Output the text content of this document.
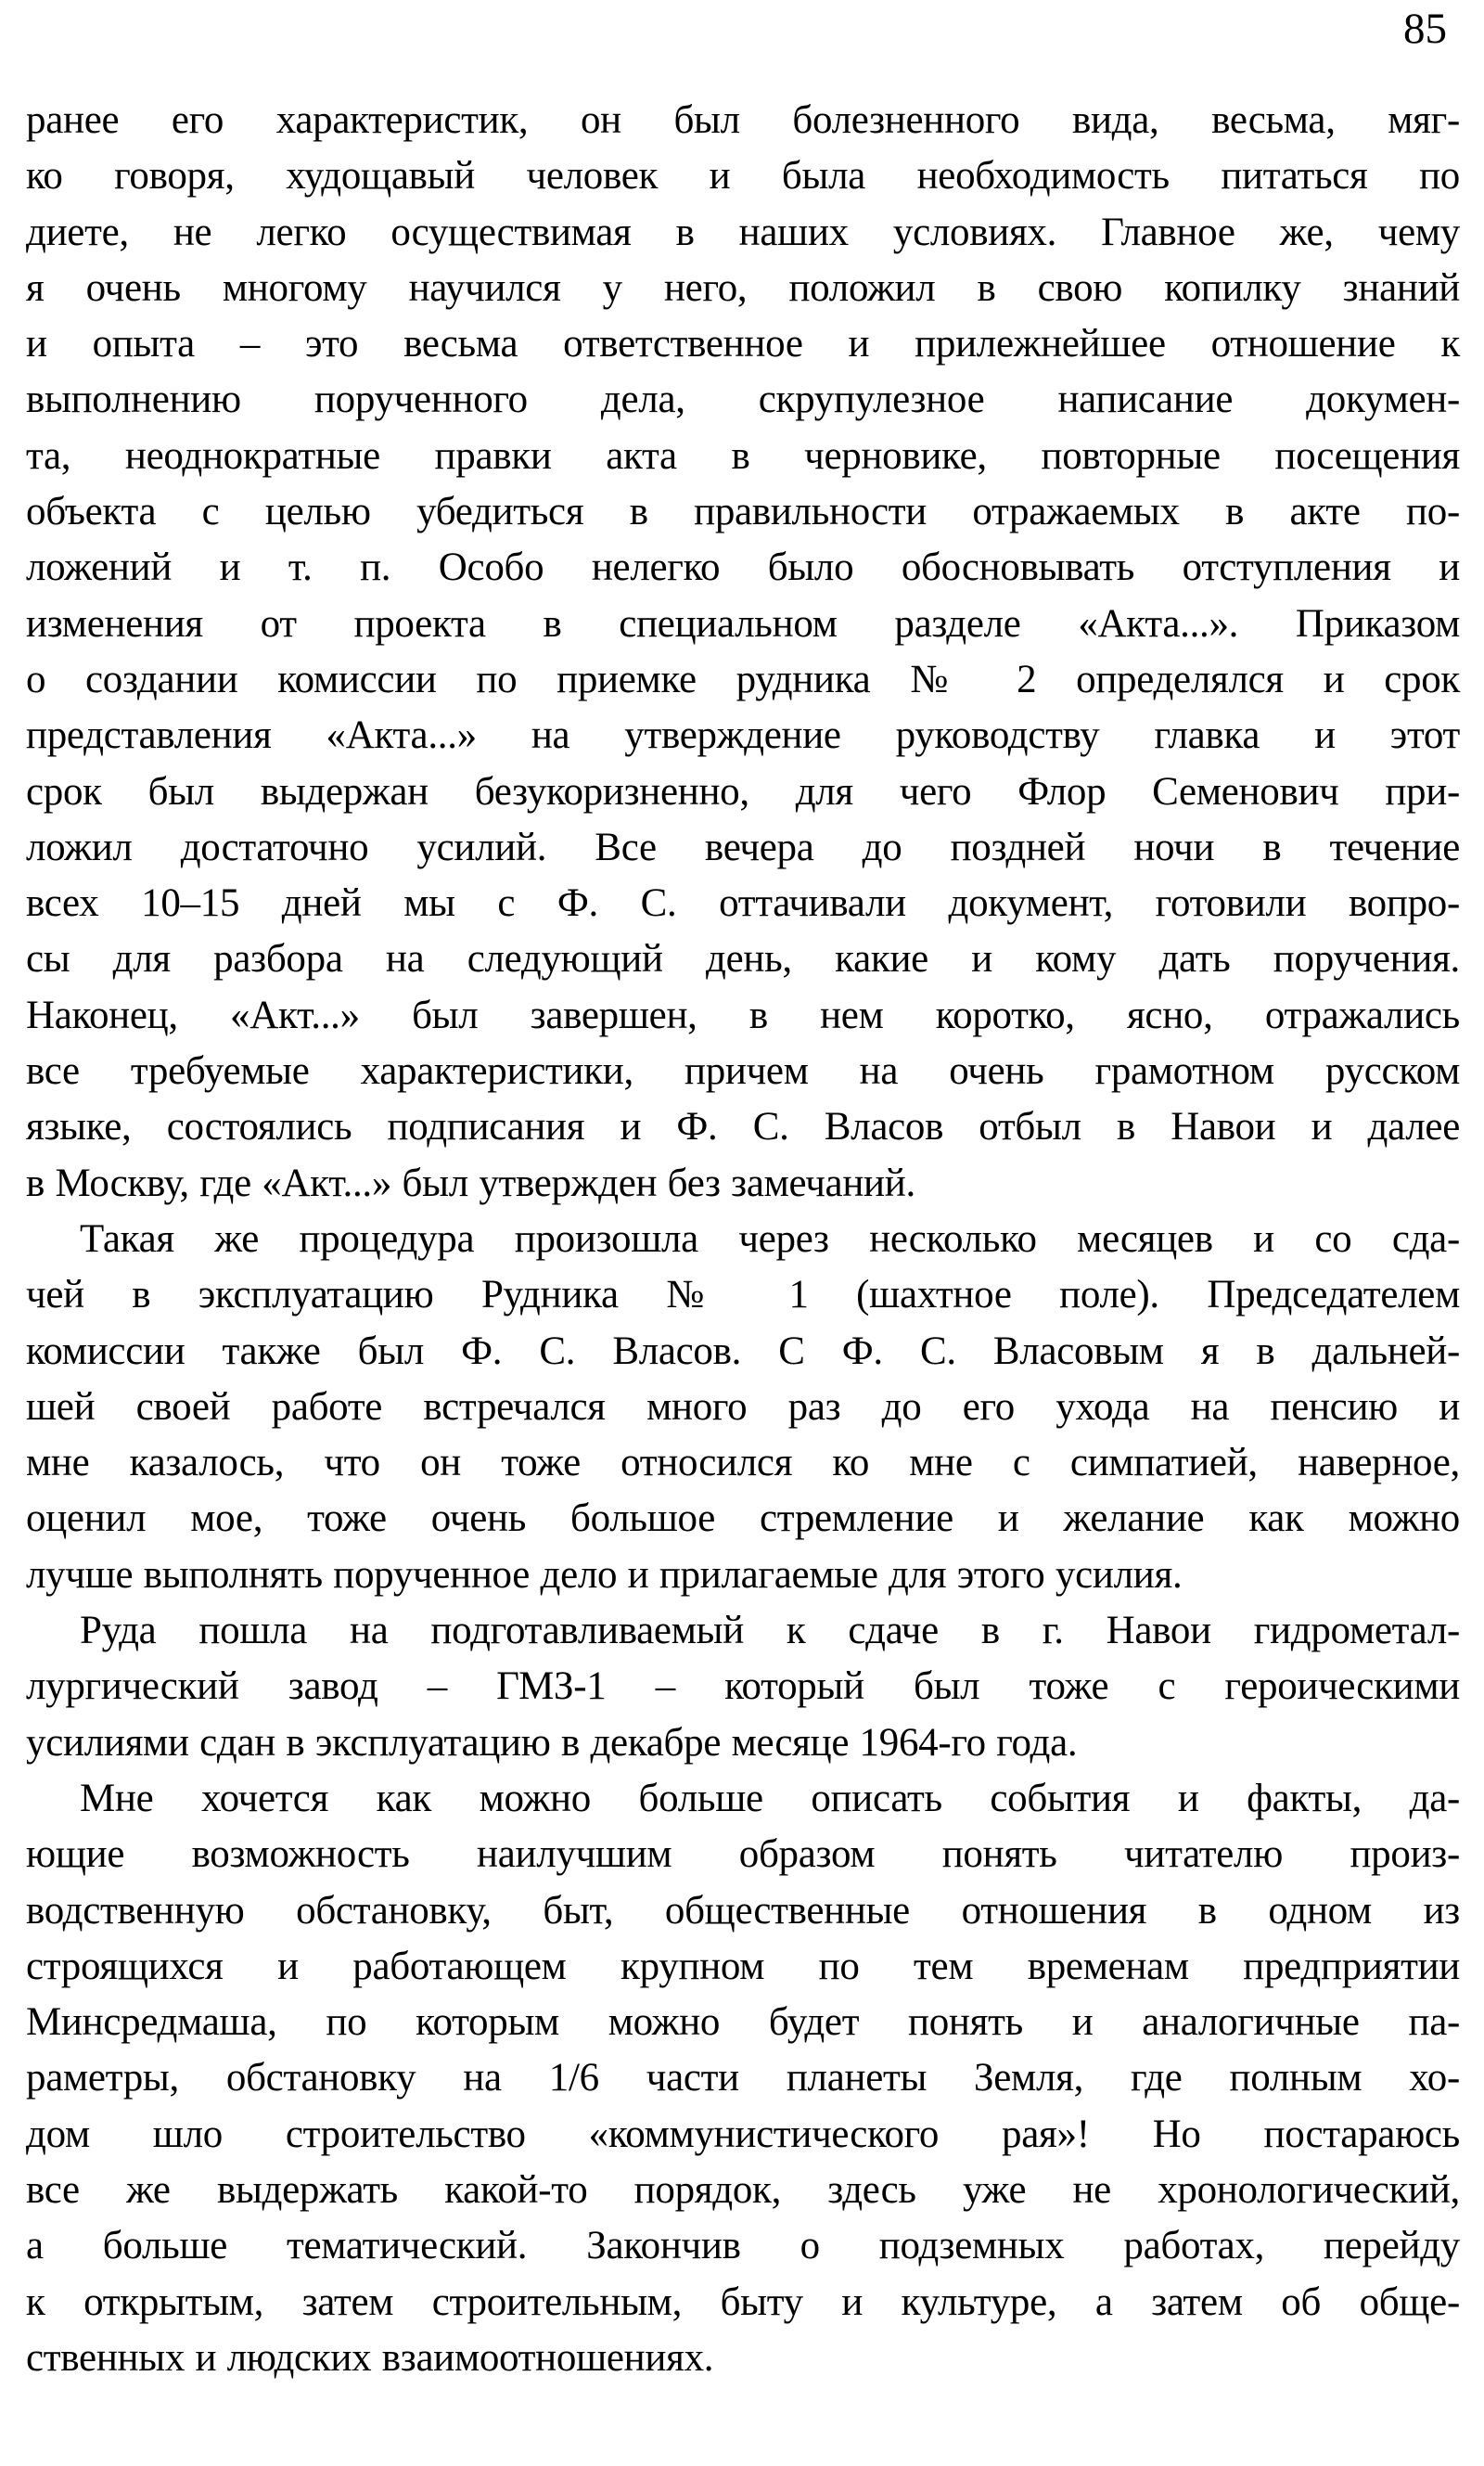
85
ранее его характеристик, он был болезненного вида, весьма, мяг-
ко говоря, худощавый человек и была необходимость питаться по
диете, не легко осуществимая в наших условиях. Главное же, чему
я очень многому научился у него, положил в свою копилку знаний
и опыта – это весьма ответственное и прилежнейшее отношение к
выполнению порученного дела, скрупулезное написание докумен-
та, неоднократные правки акта в черновике, повторные посещения
объекта с целью убедиться в правильности отражаемых в акте по-
ложений и т. п. Особо нелегко было обосновывать отступления и
изменения от проекта в специальном разделе «Акта...». Приказом
о создании комиссии по приемке рудника № 2 определялся и срок
представления «Акта...» на утверждение руководству главка и этот
срок был выдержан безукоризненно, для чего Флор Семенович при-
ложил достаточно усилий. Все вечера до поздней ночи в течение
всех 10–15 дней мы с Ф. С. оттачивали документ, готовили вопро-
сы для разбора на следующий день, какие и кому дать поручения.
Наконец, «Акт...» был завершен, в нем коротко, ясно, отражались
все требуемые характеристики, причем на очень грамотном русском
языке, состоялись подписания и Ф. С. Власов отбыл в Навои и далее
в Москву, где «Акт...» был утвержден без замечаний.
Такая же процедура произошла через несколько месяцев и со сда-
чей в эксплуатацию Рудника № 1 (шахтное поле). Председателем
комиссии также был Ф. С. Власов. С Ф. С. Власовым я в дальней-
шей своей работе встречался много раз до его ухода на пенсию и
мне казалось, что он тоже относился ко мне с симпатией, наверное,
оценил мое, тоже очень большое стремление и желание как можно
лучше выполнять порученное дело и прилагаемые для этого усилия.
Руда пошла на подготавливаемый к сдаче в г. Навои гидрометал-
лургический завод – ГМЗ-1 – который был тоже с героическими
усилиями сдан в эксплуатацию в декабре месяце 1964-го года.
Мне хочется как можно больше описать события и факты, да-
ющие возможность наилучшим образом понять читателю произ-
водственную обстановку, быт, общественные отношения в одном из
строящихся и работающем крупном по тем временам предприятии
Минсредмаша, по которым можно будет понять и аналогичные па-
раметры, обстановку на 1/6 части планеты Земля, где полным хо-
дом шло строительство «коммунистического рая»! Но постараюсь
все же выдержать какой-то порядок, здесь уже не хронологический,
а больше тематический. Закончив о подземных работах, перейду
к открытым, затем строительным, быту и культуре, а затем об обще-
ственных и людских взаимоотношениях.
